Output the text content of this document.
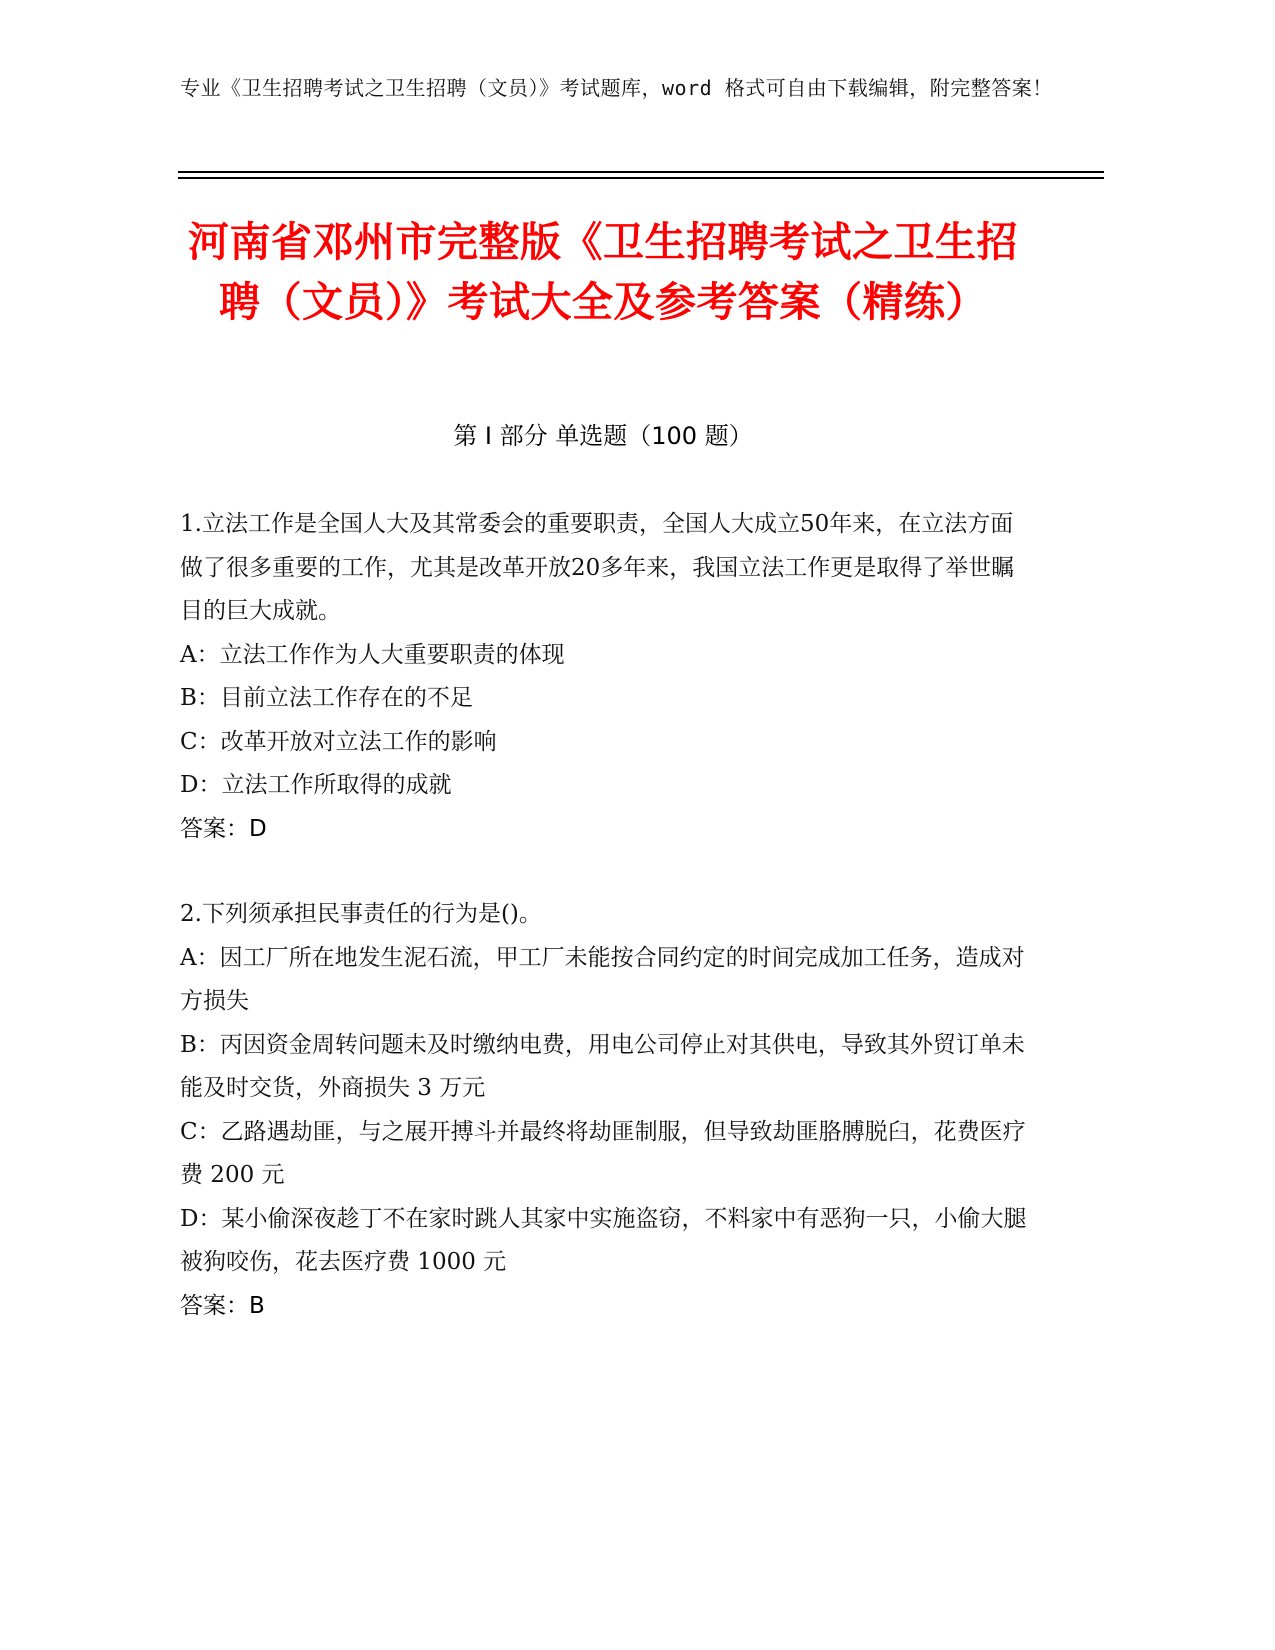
专业《卫生招聘考试之卫生招聘（文员）》考试题库，word 格式可自由下载编辑，附完整答案！
河南省邓州市完整版《卫生招聘考试之卫生招聘（文员）》考试大全及参考答案（精练）
第 I 部分 单选题（100 题）

1.立法工作是全国人大及其常委会的重要职责，全国人大成立50年来，在立法方面做了很多重要的工作，尤其是改革开放20多年来，我国立法工作更是取得了举世瞩目的巨大成就。

A：立法工作作为人大重要职责的体现

B：目前立法工作存在的不足

C：改革开放对立法工作的影响

D：立法工作所取得的成就

答案：D

2.下列须承担民事责任的行为是()。

A：因工厂所在地发生泥石流，甲工厂未能按合同约定的时间完成加工任务，造成对方损失

B：丙因资金周转问题未及时缴纳电费，用电公司停止对其供电，导致其外贸订单未能及时交货，外商损失 3 万元

C：乙路遇劫匪，与之展开搏斗并最终将劫匪制服，但导致劫匪胳膊脱臼，花费医疗费 200 元

D：某小偷深夜趁丁不在家时跳人其家中实施盗窃，不料家中有恶狗一只，小偷大腿被狗咬伤，花去医疗费 1000 元

答案：B
